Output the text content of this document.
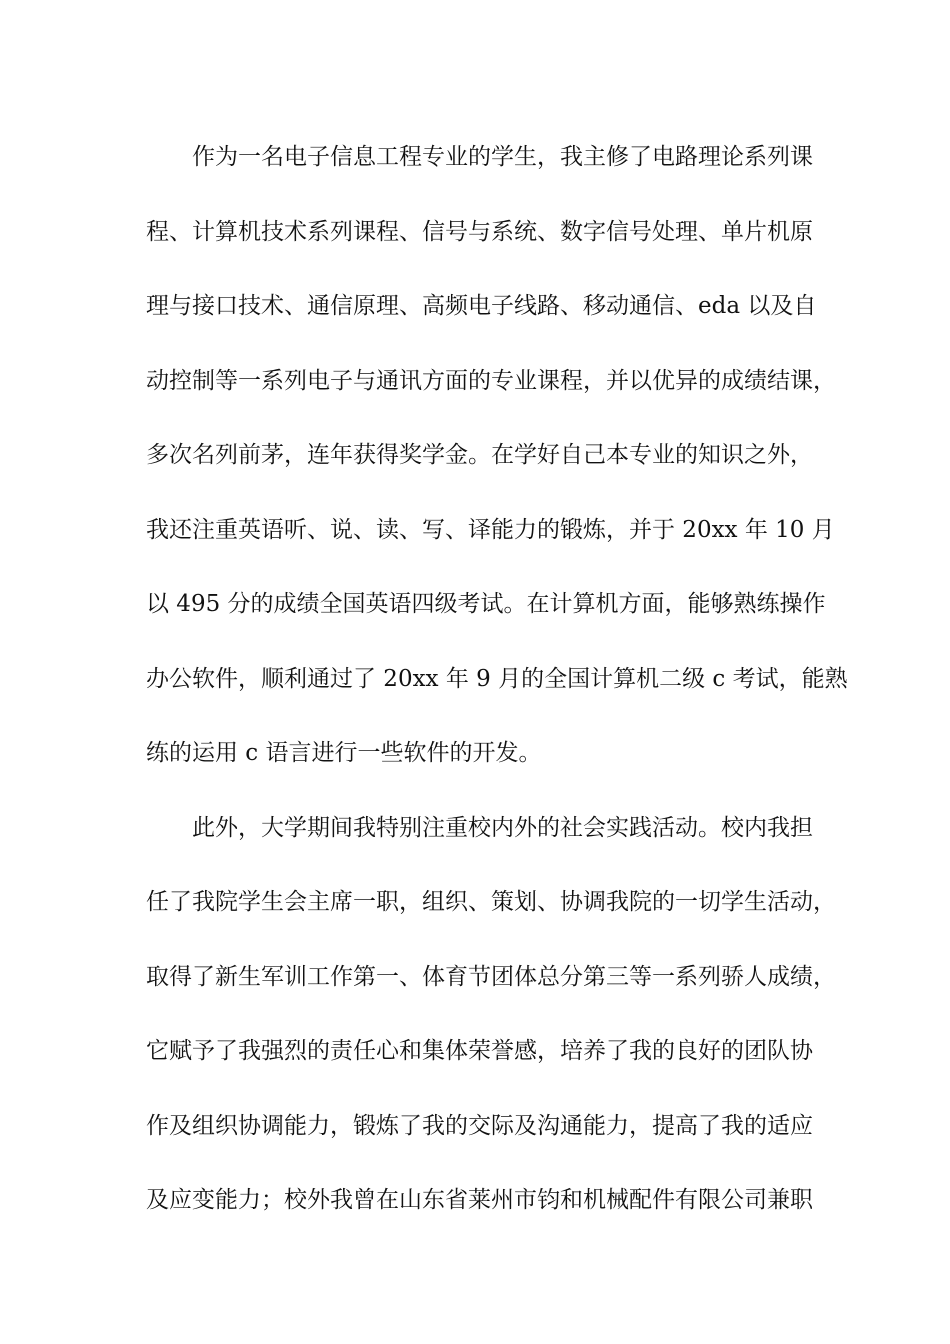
作为一名电子信息工程专业的学生，我主修了电路理论系列课
程、计算机技术系列课程、信号与系统、数字信号处理、单片机原
理与接口技术、通信原理、高频电子线路、移动通信、eda 以及自
动控制等一系列电子与通讯方面的专业课程，并以优异的成绩结课，
多次名列前茅，连年获得奖学金。在学好自己本专业的知识之外，
我还注重英语听、说、读、写、译能力的锻炼，并于 20xx 年 10 月
以 495 分的成绩全国英语四级考试。在计算机方面，能够熟练操作
办公软件，顺利通过了 20xx 年 9 月的全国计算机二级 c 考试，能熟
练的运用 c 语言进行一些软件的开发。
此外，大学期间我特别注重校内外的社会实践活动。校内我担
任了我院学生会主席一职，组织、策划、协调我院的一切学生活动，
取得了新生军训工作第一、体育节团体总分第三等一系列骄人成绩，
它赋予了我强烈的责任心和集体荣誉感，培养了我的良好的团队协
作及组织协调能力，锻炼了我的交际及沟通能力，提高了我的适应
及应变能力；校外我曾在山东省莱州市钧和机械配件有限公司兼职
